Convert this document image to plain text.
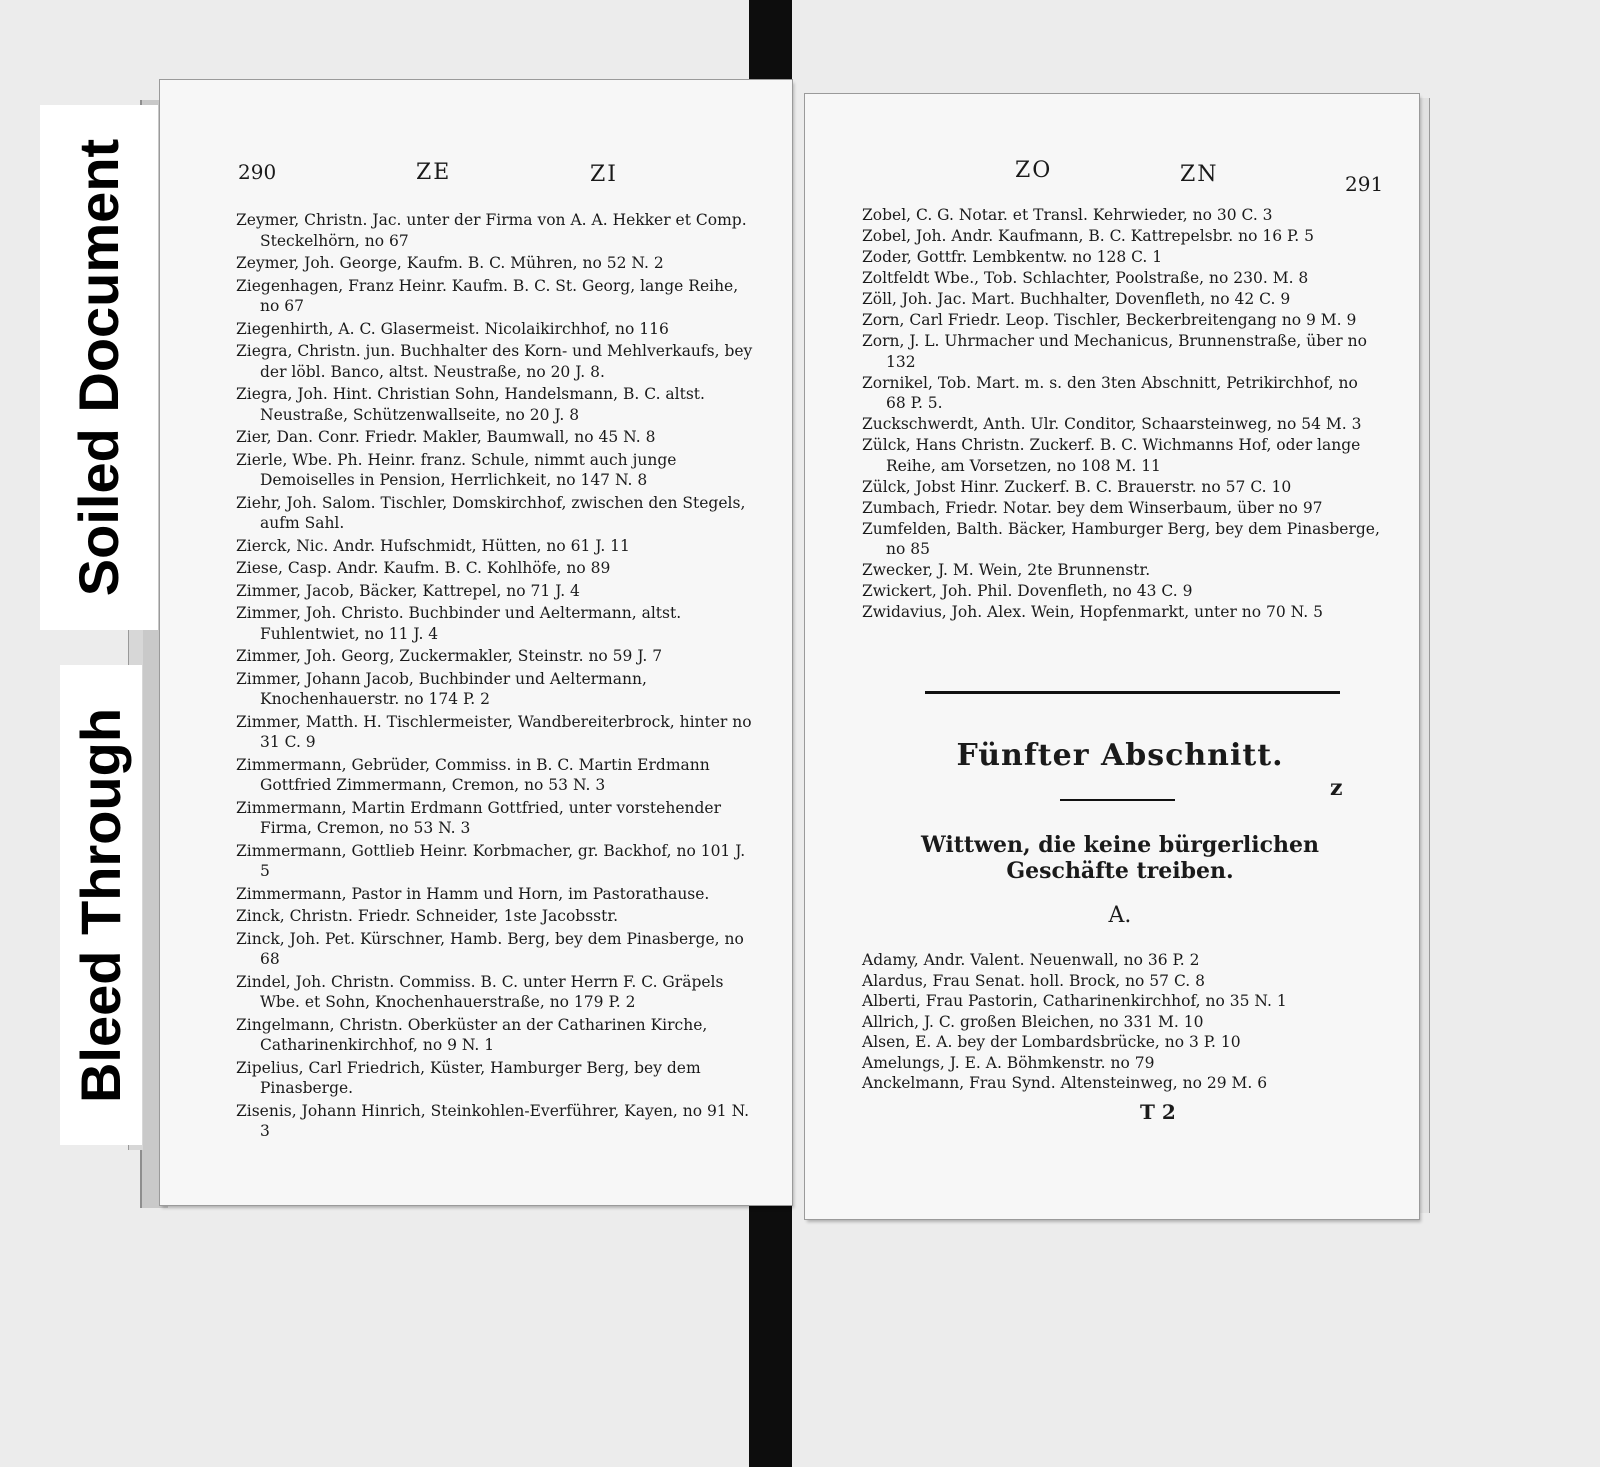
Soiled Document
Bleed Through
290	ZE	ZI
Zeymer, Christn. Jac. unter der Firma von A. A. Hekker et Comp. Steckelhörn, no 67
Zeymer, Joh. George, Kaufm. B. C. Mühren, no 52 N. 2
Ziegenhagen, Franz Heinr. Kaufm. B. C. St. Georg, lange Reihe, no 67
Ziegenhirth, A. C. Glasermeist. Nicolaikirchhof, no 116
Ziegra, Christn. jun. Buchhalter des Korn- und Mehlverkaufs, bey der löbl. Banco, altst. Neustraße, no 20 J. 8.
Ziegra, Joh. Hint. Christian Sohn, Handelsmann, B. C. altst. Neustraße, Schützenwallseite, no 20 J. 8
Zier, Dan. Conr. Friedr. Makler, Baumwall, no 45 N. 8
Zierle, Wbe. Ph. Heinr. franz. Schule, nimmt auch junge Demoiselles in Pension, Herrlichkeit, no 147 N. 8
Ziehr, Joh. Salom. Tischler, Domskirchhof, zwischen den Stegels, aufm Sahl.
Zierck, Nic. Andr. Hufschmidt, Hütten, no 61 J. 11
Ziese, Casp. Andr. Kaufm. B. C. Kohlhöfe, no 89
Zimmer, Jacob, Bäcker, Kattrepel, no 71 J. 4
Zimmer, Joh. Christo. Buchbinder und Aeltermann, altst. Fuhlentwiet, no 11 J. 4
Zimmer, Joh. Georg, Zuckermakler, Steinstr. no 59 J. 7
Zimmer, Johann Jacob, Buchbinder und Aeltermann, Knochenhauerstr. no 174 P. 2
Zimmer, Matth. H. Tischlermeister, Wandbereiterbrock, hinter no 31 C. 9
Zimmermann, Gebrüder, Commiss. in B. C. Martin Erdmann Gottfried Zimmermann, Cremon, no 53 N. 3
Zimmermann, Martin Erdmann Gottfried, unter vorstehender Firma, Cremon, no 53 N. 3
Zimmermann, Gottlieb Heinr. Korbmacher, gr. Backhof, no 101 J. 5
Zimmermann, Pastor in Hamm und Horn, im Pastorathause.
Zinck, Christn. Friedr. Schneider, 1ste Jacobsstr.
Zinck, Joh. Pet. Kürschner, Hamb. Berg, bey dem Pinasberge, no 68
Zindel, Joh. Christn. Commiss. B. C. unter Herrn F. C. Gräpels Wbe. et Sohn, Knochenhauerstraße, no 179 P. 2
Zingelmann, Christn. Oberküster an der Catharinen Kirche, Catharinenkirchhof, no 9 N. 1
Zipelius, Carl Friedrich, Küster, Hamburger Berg, bey dem Pinasberge.
Zisenis, Johann Hinrich, Steinkohlen-Everführer, Kayen, no 91 N. 3
ZO	ZN	291
Zobel, C. G. Notar. et Transl. Kehrwieder, no 30 C. 3
Zobel, Joh. Andr. Kaufmann, B. C. Kattrepelsbr. no 16 P. 5
Zoder, Gottfr. Lembkentw. no 128 C. 1
Zoltfeldt Wbe., Tob. Schlachter, Poolstraße, no 230. M. 8
Zöll, Joh. Jac. Mart. Buchhalter, Dovenfleth, no 42 C. 9
Zorn, Carl Friedr. Leop. Tischler, Beckerbreitengang no 9 M. 9
Zorn, J. L. Uhrmacher und Mechanicus, Brunnenstraße, über no 132
Zornikel, Tob. Mart. m. s. den 3ten Abschnitt, Petrikirchhof, no 68 P. 5.
Zuckschwerdt, Anth. Ulr. Conditor, Schaarsteinweg, no 54 M. 3
Zülck, Hans Christn. Zuckerf. B. C. Wichmanns Hof, oder lange Reihe, am Vorsetzen, no 108 M. 11
Zülck, Jobst Hinr. Zuckerf. B. C. Brauerstr. no 57 C. 10
Zumbach, Friedr. Notar. bey dem Winserbaum, über no 97
Zumfelden, Balth. Bäcker, Hamburger Berg, bey dem Pinasberge, no 85
Zwecker, J. M. Wein, 2te Brunnenstr.
Zwickert, Joh. Phil. Dovenfleth, no 43 C. 9
Zwidavius, Joh. Alex. Wein, Hopfenmarkt, unter no 70 N. 5
Fünfter Abschnitt.
z
Wittwen, die keine bürgerlichen Geschäfte treiben.
A.
Adamy, Andr. Valent. Neuenwall, no 36 P. 2
Alardus, Frau Senat. holl. Brock, no 57 C. 8
Alberti, Frau Pastorin, Catharinenkirchhof, no 35 N. 1
Allrich, J. C. großen Bleichen, no 331 M. 10
Alsen, E. A. bey der Lombardsbrücke, no 3 P. 10
Amelungs, J. E. A. Böhmkenstr. no 79
Anckelmann, Frau Synd. Altensteinweg, no 29 M. 6
T 2
